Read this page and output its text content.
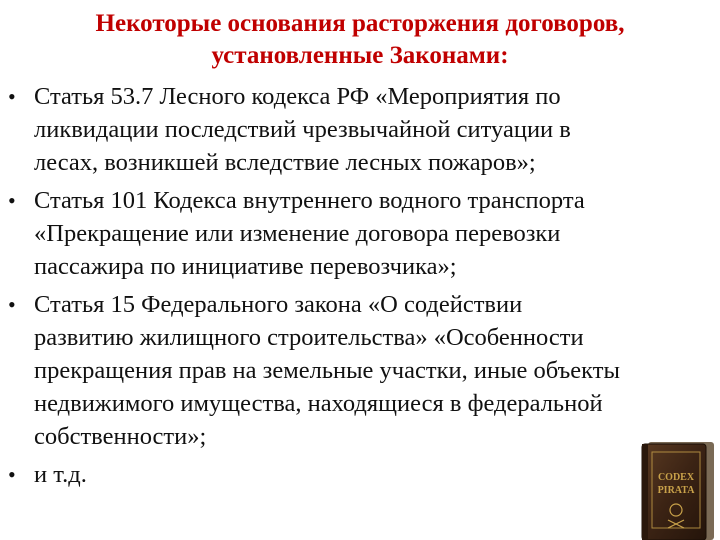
Некоторые основания расторжения договоров,
установленные Законами:
• Статья 53.7 Лесного кодекса РФ «Мероприятия по
ликвидации последствий чрезвычайной ситуации в
лесах, возникшей вследствие лесных пожаров»;
• Статья 101 Кодекса внутреннего водного транспорта
«Прекращение или изменение договора перевозки
пассажира по инициативе перевозчика»;
• Статья 15 Федерального закона «О содействии
развитию жилищного строительства» «Особенности
прекращения прав на земельные участки, иные объекты
недвижимого имущества, находящиеся в федеральной
собственности»;
• и т.д.	CODEX
PIRATA
